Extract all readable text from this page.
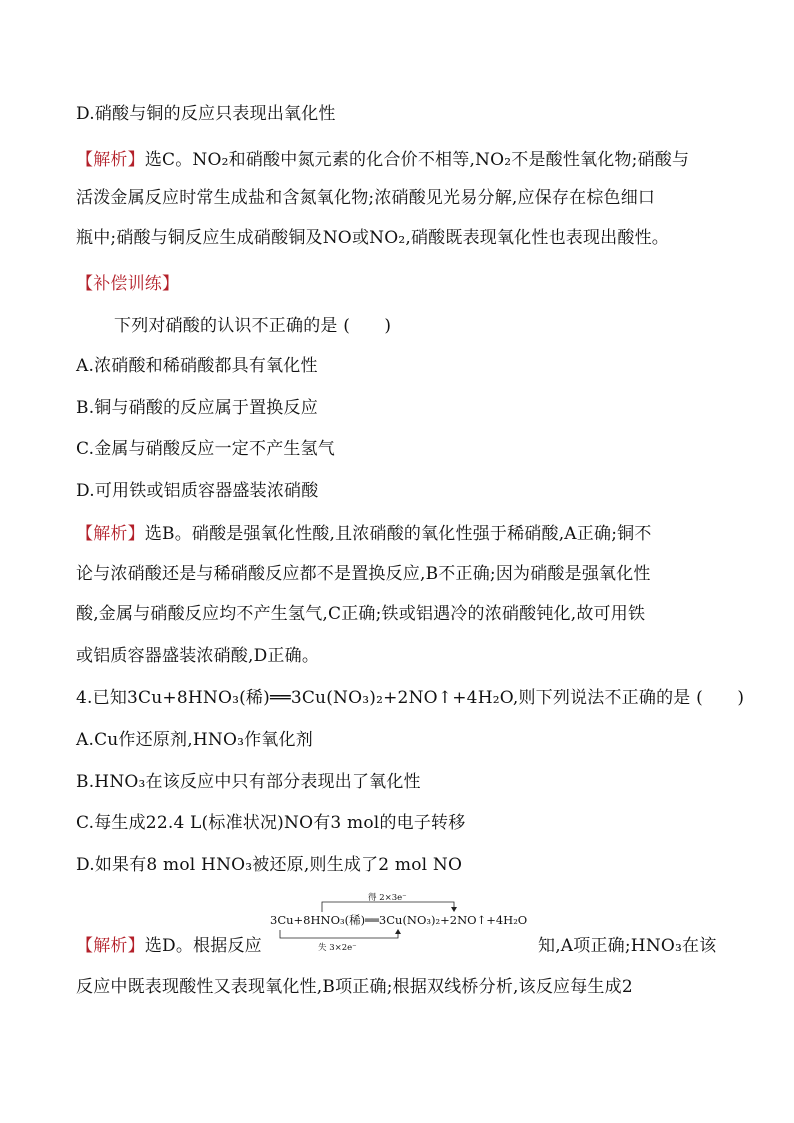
D.硝酸与铜的反应只表现出氧化性
【解析】选C。NO₂和硝酸中氮元素的化合价不相等,NO₂不是酸性氧化物;硝酸与
活泼金属反应时常生成盐和含氮氧化物;浓硝酸见光易分解,应保存在棕色细口
瓶中;硝酸与铜反应生成硝酸铜及NO或NO₂,硝酸既表现氧化性也表现出酸性。
【补偿训练】
下列对硝酸的认识不正确的是 (　　)
A.浓硝酸和稀硝酸都具有氧化性
B.铜与硝酸的反应属于置换反应
C.金属与硝酸反应一定不产生氢气
D.可用铁或铝质容器盛装浓硝酸
【解析】选B。硝酸是强氧化性酸,且浓硝酸的氧化性强于稀硝酸,A正确;铜不
论与浓硝酸还是与稀硝酸反应都不是置换反应,B不正确;因为硝酸是强氧化性
酸,金属与硝酸反应均不产生氢气,C正确;铁或铝遇冷的浓硝酸钝化,故可用铁
或铝质容器盛装浓硝酸,D正确。
4.已知3Cu+8HNO₃(稀)══3Cu(NO₃)₂+2NO↑+4H₂O,则下列说法不正确的是 (　　)
A.Cu作还原剂,HNO₃作氧化剂
B.HNO₃在该反应中只有部分表现出了氧化性
C.每生成22.4 L(标准状况)NO有3 mol的电子转移
D.如果有8 mol HNO₃被还原,则生成了2 mol NO
得 2×3e⁻
3Cu+8HNO₃(稀)══3Cu(NO₃)₂+2NO↑+4H₂O
失 3×2e⁻
【解析】选D。根据反应	知,A项正确;HNO₃在该
反应中既表现酸性又表现氧化性,B项正确;根据双线桥分析,该反应每生成2
